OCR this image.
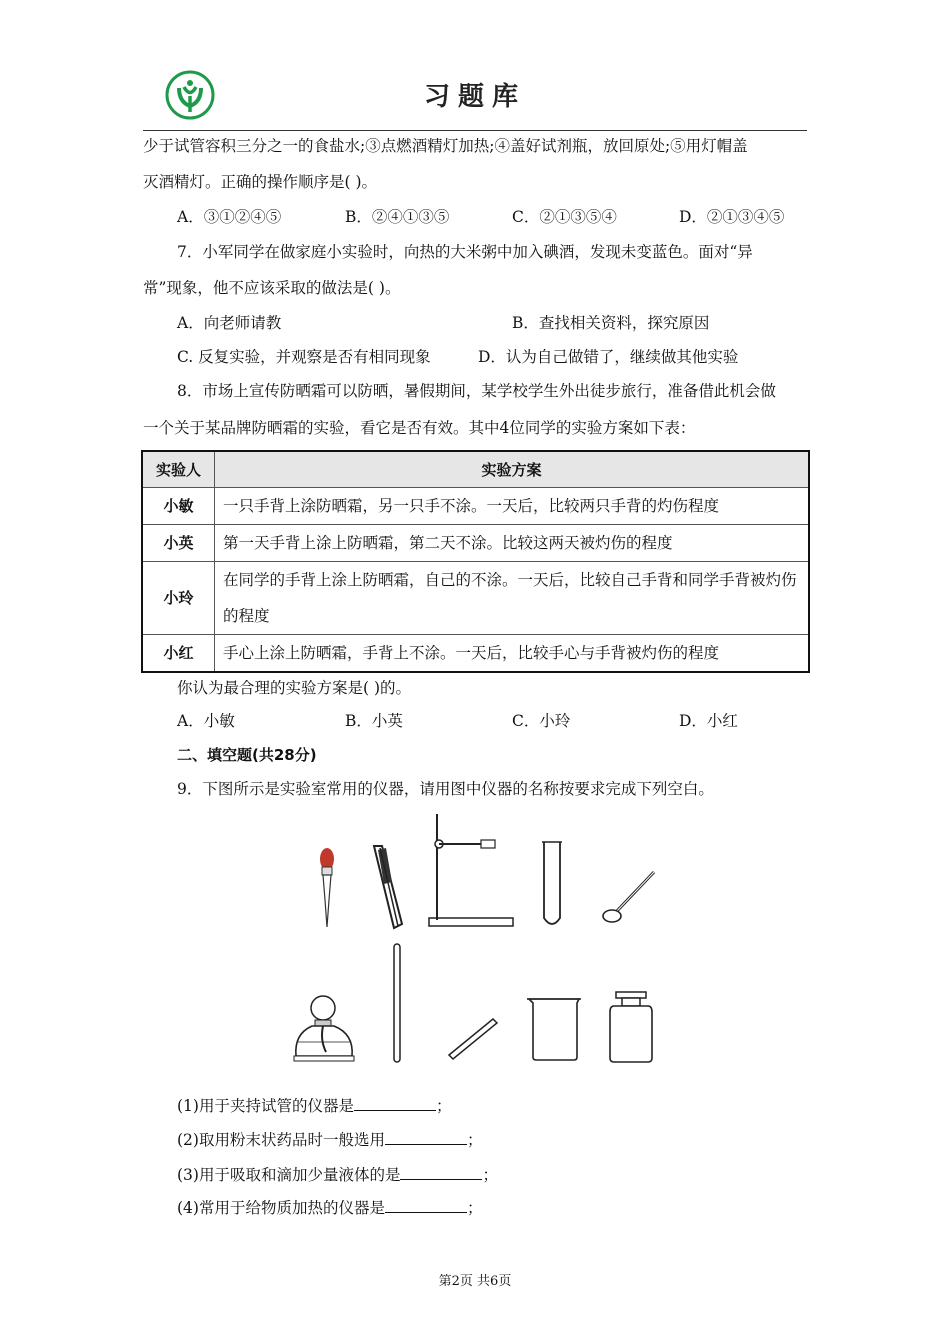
习题库
少于试管容积三分之一的食盐水;③点燃酒精灯加热;④盖好试剂瓶，放回原处;⑤用灯帽盖
灭酒精灯。正确的操作顺序是( )。
A．③①②④⑤	B．②④①③⑤	C．②①③⑤④	D．②①③④⑤
7．小军同学在做家庭小实验时，向热的大米粥中加入碘酒，发现未变蓝色。面对“异
常”现象，他不应该采取的做法是( )。
A．向老师请教	B．查找相关资料，探究原因
C. 反复实验，并观察是否有相同现象	D．认为自己做错了，继续做其他实验
8．市场上宣传防晒霜可以防晒，暑假期间，某学校学生外出徒步旅行，准备借此机会做
一个关于某品牌防晒霜的实验，看它是否有效。其中4位同学的实验方案如下表：
实验人	实验方案
小敏	一只手背上涂防晒霜，另一只手不涂。一天后，比较两只手背的灼伤程度
小英	第一天手背上涂上防晒霜，第二天不涂。比较这两天被灼伤的程度
小玲	在同学的手背上涂上防晒霜，自己的不涂。一天后，比较自己手背和同学手背被灼伤的程度
小红	手心上涂上防晒霜，手背上不涂。一天后，比较手心与手背被灼伤的程度
你认为最合理的实验方案是( )的。
A．小敏	B．小英	C．小玲	D．小红
二、填空题(共28分)
9．下图所示是实验室常用的仪器，请用图中仪器的名称按要求完成下列空白。
(1)用于夹持试管的仪器是	；
(2)取用粉末状药品时一般选用	；
(3)用于吸取和滴加少量液体的是	；
(4)常用于给物质加热的仪器是	；
第2页 共6页
